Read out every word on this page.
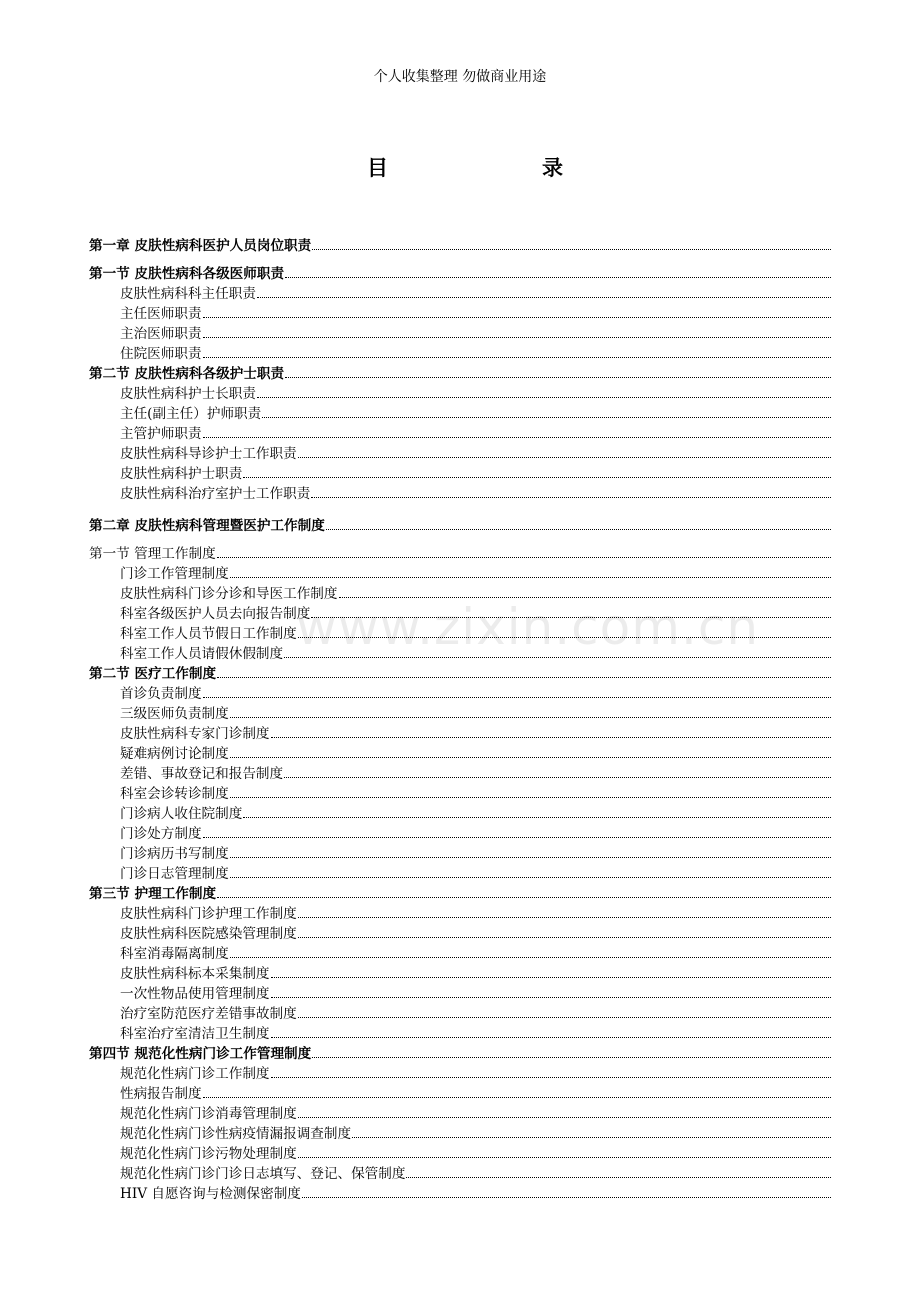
个人收集整理 勿做商业用途
目	录
第一章 皮肤性病科医护人员岗位职责
第一节 皮肤性病科各级医师职责
皮肤性病科科主任职责
主任医师职责
主治医师职责
住院医师职责
第二节 皮肤性病科各级护士职责
皮肤性病科护士长职责
主任(副主任）护师职责
主管护师职责
皮肤性病科导诊护士工作职责
皮肤性病科护士职责
皮肤性病科治疗室护士工作职责
第二章 皮肤性病科管理暨医护工作制度
第一节 管理工作制度
门诊工作管理制度
皮肤性病科门诊分诊和导医工作制度
科室各级医护人员去向报告制度
科室工作人员节假日工作制度
科室工作人员请假休假制度
第二节 医疗工作制度
首诊负责制度
三级医师负责制度
皮肤性病科专家门诊制度
疑难病例讨论制度
差错、事故登记和报告制度
科室会诊转诊制度
门诊病人收住院制度
门诊处方制度
门诊病历书写制度
门诊日志管理制度
第三节 护理工作制度
皮肤性病科门诊护理工作制度
皮肤性病科医院感染管理制度
科室消毒隔离制度
皮肤性病科标本采集制度
一次性物品使用管理制度
治疗室防范医疗差错事故制度
科室治疗室清洁卫生制度
第四节 规范化性病门诊工作管理制度
规范化性病门诊工作制度
性病报告制度
规范化性病门诊消毒管理制度
规范化性病门诊性病疫情漏报调查制度
规范化性病门诊污物处理制度
规范化性病门诊门诊日志填写、登记、保管制度
HIV 自愿咨询与检测保密制度
www.zixin.com.cn
